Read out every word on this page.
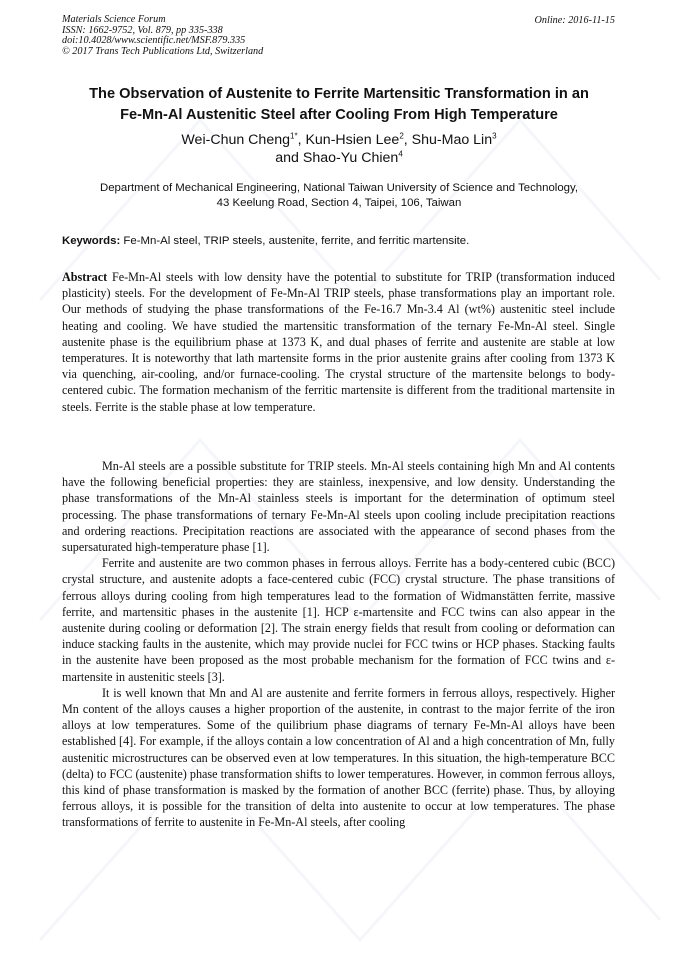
Materials Science Forum
ISSN: 1662-9752, Vol. 879, pp 335-338
doi:10.4028/www.scientific.net/MSF.879.335
© 2017 Trans Tech Publications Ltd, Switzerland
Online: 2016-11-15
The Observation of Austenite to Ferrite Martensitic Transformation in an
Fe-Mn-Al Austenitic Steel after Cooling From High Temperature
Wei-Chun Cheng$^{1*}$, Kun-Hsien Lee$^2$, Shu-Mao Lin$^3$
and Shao-Yu Chien$^4$
Department of Mechanical Engineering, National Taiwan University of Science and Technology,
43 Keelung Road, Section 4, Taipei, 106, Taiwan
Keywords: Fe-Mn-Al steel, TRIP steels, austenite, ferrite, and ferritic martensite.

Abstract Fe-Mn-Al steels with low density have the potential to substitute for TRIP (transformation induced plasticity) steels. For the development of Fe-Mn-Al TRIP steels, phase transformations play an important role. Our methods of studying the phase transformations of the Fe-16.7 Mn-3.4 Al (wt%) austenitic steel include heating and cooling. We have studied the martensitic transformation of the ternary Fe-Mn-Al steel. Single austenite phase is the equilibrium phase at 1373 K, and dual phases of ferrite and austenite are stable at low temperatures. It is noteworthy that lath martensite forms in the prior austenite grains after cooling from 1373 K via quenching, air-cooling, and/or furnace-cooling. The crystal structure of the martensite belongs to body-centered cubic. The formation mechanism of the ferritic martensite is different from the traditional martensite in steels. Ferrite is the stable phase at low temperature.

Mn-Al steels are a possible substitute for TRIP steels. Mn-Al steels containing high Mn and Al contents have the following beneficial properties: they are stainless, inexpensive, and low density. Understanding the phase transformations of the Mn-Al stainless steels is important for the determination of optimum steel processing. The phase transformations of ternary Fe-Mn-Al steels upon cooling include precipitation reactions and ordering reactions. Precipitation reactions are associated with the appearance of second phases from the supersaturated high-temperature phase [1].

Ferrite and austenite are two common phases in ferrous alloys. Ferrite has a body-centered cubic (BCC) crystal structure, and austenite adopts a face-centered cubic (FCC) crystal structure. The phase transitions of ferrous alloys during cooling from high temperatures lead to the formation of Widmanstätten ferrite, massive ferrite, and martensitic phases in the austenite [1]. HCP ε-martensite and FCC twins can also appear in the austenite during cooling or deformation [2]. The strain energy fields that result from cooling or deformation can induce stacking faults in the austenite, which may provide nuclei for FCC twins or HCP phases. Stacking faults in the austenite have been proposed as the most probable mechanism for the formation of FCC twins and ε-martensite in austenitic steels [3].

It is well known that Mn and Al are austenite and ferrite formers in ferrous alloys, respectively. Higher Mn content of the alloys causes a higher proportion of the austenite, in contrast to the major ferrite of the iron alloys at low temperatures. Some of the quilibrium phase diagrams of ternary Fe-Mn-Al alloys have been established [4]. For example, if the alloys contain a low concentration of Al and a high concentration of Mn, fully austenitic microstructures can be observed even at low temperatures. In this situation, the high-temperature BCC (delta) to FCC (austenite) phase transformation shifts to lower temperatures. However, in common ferrous alloys, this kind of phase transformation is masked by the formation of another BCC (ferrite) phase. Thus, by alloying ferrous alloys, it is possible for the transition of delta into austenite to occur at low temperatures. The phase transformations of ferrite to austenite in Fe-Mn-Al steels, after cooling
